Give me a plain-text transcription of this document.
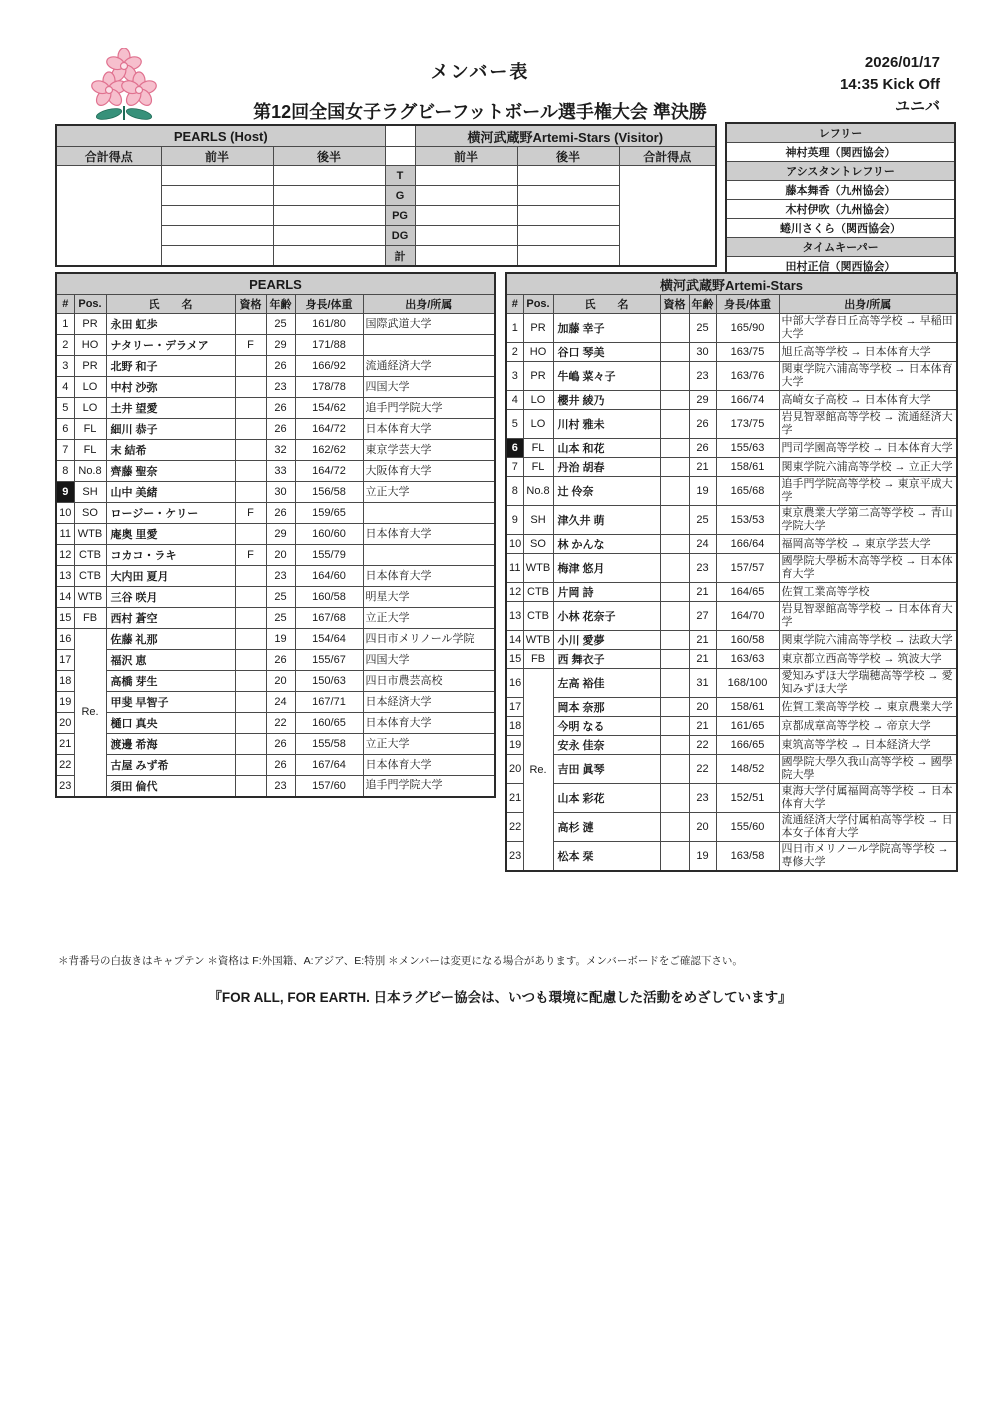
メンバー表
第12回全国女子ラグビーフットボール選手権大会 準決勝
2026/01/17
14:35 Kick Off
ユニバ
PEARLS (Host)				横河武蔵野Artemi-Stars (Visitor)		
合計得点	前半	後半		前半	後半	合計得点
			T			
			G			
			PG			
			DG			
			計			
レフリー
神村英理（関西協会）
アシスタントレフリー
藤本舞香（九州協会）
木村伊吹（九州協会）
蜷川さくら（関西協会）
タイムキーパー
田村正信（関西協会）
PEARLS						
#	Pos.	氏　　名	資格	年齢	身長/体重	出身/所属
1	PR	永田 虹歩		25	161/80	国際武道大学
2	HO	ナタリー・デラメア	F	29	171/88	
3	PR	北野 和子		26	166/92	流通経済大学
4	LO	中村 沙弥		23	178/78	四国大学
5	LO	土井 望愛		26	154/62	追手門学院大学
6	FL	細川 恭子		26	164/72	日本体育大学
7	FL	末 結希		32	162/62	東京学芸大学
8	No.8	齊藤 聖奈		33	164/72	大阪体育大学
9	SH	山中 美緒		30	156/58	立正大学
10	SO	ロージー・ケリー	F	26	159/65	
11	WTB	庵奥 里愛		29	160/60	日本体育大学
12	CTB	コカコ・ラキ	F	20	155/79	
13	CTB	大内田 夏月		23	164/60	日本体育大学
14	WTB	三谷 咲月		25	160/58	明星大学
15	FB	西村 蒼空		25	167/68	立正大学
16	Re.	佐藤 礼那		19	154/64	四日市メリノール学院
17		福沢 恵		26	155/67	四国大学
18		高橋 芽生		20	150/63	四日市農芸高校
19		甲斐 早智子		24	167/71	日本経済大学
20		樋口 真央		22	160/65	日本体育大学
21		渡邊 希海		26	155/58	立正大学
22		古屋 みず希		26	167/64	日本体育大学
23		須田 倫代		23	157/60	追手門学院大学
横河武蔵野Artemi-Stars						
#	Pos.	氏　　名	資格	年齢	身長/体重	出身/所属
1	PR	加藤 幸子		25	165/90	中部大学春日丘高等学校 → 早稲田大学
2	HO	谷口 琴美		30	163/75	旭丘高等学校 → 日本体育大学
3	PR	牛嶋 菜々子		23	163/76	関東学院六浦高等学校 → 日本体育大学
4	LO	櫻井 綾乃		29	166/74	高崎女子高校 → 日本体育大学
5	LO	川村 雅未		26	173/75	岩見智翠館高等学校 → 流通経済大学
6	FL	山本 和花		26	155/63	門司学園高等学校 → 日本体育大学
7	FL	丹治 胡春		21	158/61	関東学院六浦高等学校 → 立正大学
8	No.8	辻 伶奈		19	165/68	追手門学院高等学校 → 東京平成大学
9	SH	津久井 萌		25	153/53	東京農業大学第二高等学校 → 青山学院大学
10	SO	林 かんな		24	166/64	福岡高等学校 → 東京学芸大学
11	WTB	梅津 悠月		23	157/57	國學院大學栃木高等学校 → 日本体育大学
12	CTB	片岡 詩		21	164/65	佐賀工業高等学校
13	CTB	小林 花奈子		27	164/70	岩見智翠館高等学校 → 日本体育大学
14	WTB	小川 愛夢		21	160/58	関東学院六浦高等学校 → 法政大学
15	FB	西 舞衣子		21	163/63	東京都立西高等学校 → 筑波大学
16	Re.	左高 裕佳		31	168/100	愛知みずほ大学瑞穂高等学校 → 愛知みずほ大学
17		岡本 奈那		20	158/61	佐賀工業高等学校 → 東京農業大学
18		今明 なる		21	161/65	京都成章高等学校 → 帝京大学
19		安永 佳奈		22	166/65	東筑高等学校 → 日本経済大学
20		吉田 眞琴		22	148/52	國學院大學久我山高等学校 → 國學院大學
21		山本 彩花		23	152/51	東海大学付属福岡高等学校 → 日本体育大学
22		高杉 漣		20	155/60	流通経済大学付属柏高等学校 → 日本女子体育大学
23		松本 栞		19	163/58	四日市メリノール学院高等学校 → 専修大学
＊背番号の白抜きはキャプテン ＊資格は F:外国籍、A:アジア、E:特別 ＊メンバーは変更になる場合があります。メンバーボードをご確認下さい。
『FOR ALL, FOR EARTH. 日本ラグビー協会は、いつも環境に配慮した活動をめざしています』
